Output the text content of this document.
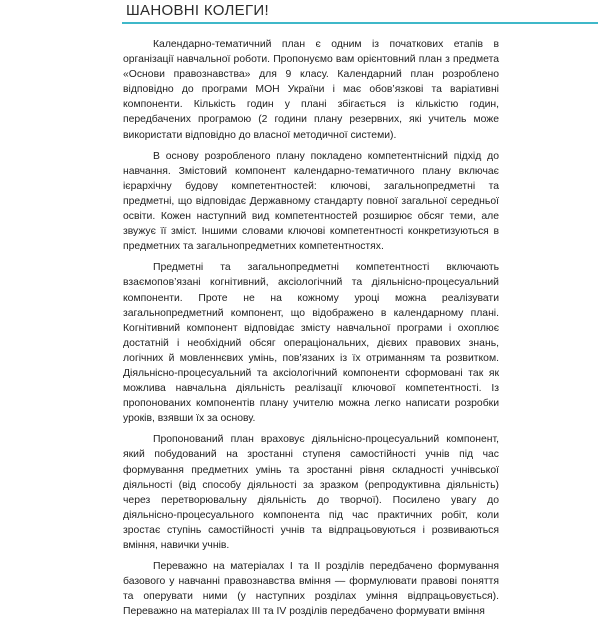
ШАНОВНІ КОЛЕГИ!

Календарно-тематичний план є одним із початкових етапів в організації навчальної роботи. Пропонуємо вам орієнтовний план з предмета «Основи правознавства» для 9 класу. Календарний план розроблено відповідно до програми МОН України і має обов’язкові та варіативні компоненти. Кількість годин у плані збігається із кількістю годин, передбачених програмою (2 години плану резервних, які учитель може використати відповідно до власної методичної системи).

В основу розробленого плану покладено компетентнісний підхід до навчання. Змістовий компонент календарно-тематичного плану включає ієрархічну будову компетентностей: ключові, загальнопредметні та предметні, що відповідає Державному стандарту повної загальної середньої освіти. Кожен наступний вид компетентностей розширює обсяг теми, але звужує її зміст. Іншими словами ключові компетентності конкретизуються в предметних та загальнопредметних компетентностях.

Предметні та загальнопредметні компетентності включають взаємопов’язані когнітивний, аксіологічний та діяльнісно-процесуальний компоненти. Проте не на кожному уроці можна реалізувати загальнопредметний компонент, що відображено в календарному плані. Когнітивний компонент відповідає змісту навчальної програми і охоплює достатній і необхідний обсяг операціональних, дієвих правових знань, логічних й мовленнєвих умінь, пов’язаних із їх отриманням та розвитком. Діяльнісно-процесуальний та аксіологічний компоненти сформовані так як можлива навчальна діяльність реалізації ключової компетентності. Із пропонованих компонентів плану учителю можна легко написати розробки уроків, взявши їх за основу.

Пропонований план враховує діяльнісно-процесуальний компонент, який побудований на зростанні ступеня самостійності учнів під час формування предметних умінь та зростанні рівня складності учнівської діяльності (від способу діяльності за зразком (репродуктивна діяльність) через перетворювальну діяльність до творчої). Посилено увагу до діяльнісно-процесуального компонента під час практичних робіт, коли зростає ступінь самостійності учнів та відпрацьовуються і розвиваються вміння, навички учнів.

Переважно на матеріалах I та II розділів передбачено формування базового у навчанні правознавства вміння — формулювати правові поняття та оперувати ними (у наступних розділах уміння відпрацьовується). Переважно на матеріалах III та IV розділів передбачено формувати вміння
